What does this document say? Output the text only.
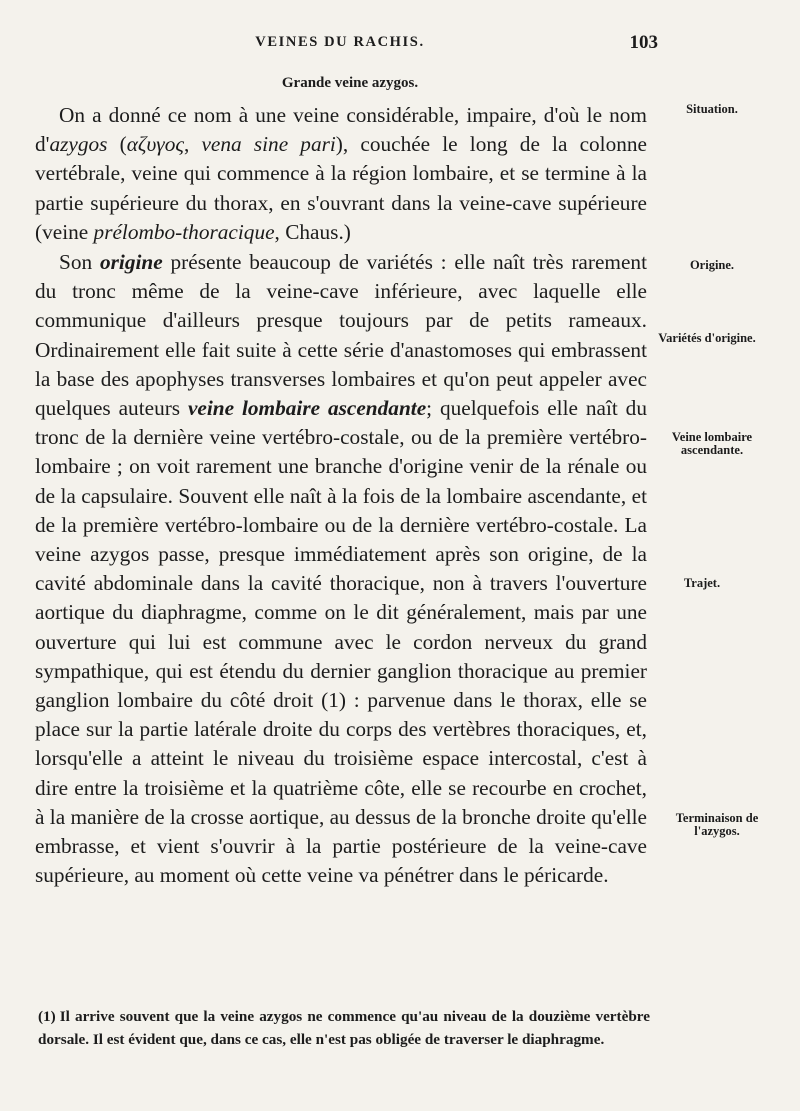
VEINES DU RACHIS.	103
Grande veine azygos.

On a donné ce nom à une veine considérable, impaire, d'où le nom d'azygos (αζυγος, vena sine pari), couchée le long de la colonne vertébrale, veine qui commence à la région lombaire, et se termine à la partie supérieure du thorax, en s'ouvrant dans la veine-cave supérieure (veine prélombo-thoracique, Chaus.)

Son origine présente beaucoup de variétés : elle naît très rarement du tronc même de la veine-cave inférieure, avec laquelle elle communique d'ailleurs presque toujours par de petits rameaux. Ordinairement elle fait suite à cette série d'anastomoses qui embrassent la base des apophyses transverses lombaires et qu'on peut appeler avec quelques auteurs veine lombaire ascendante; quelquefois elle naît du tronc de la dernière veine vertébro-costale, ou de la première vertébro-lombaire ; on voit rarement une branche d'origine venir de la rénale ou de la capsulaire. Souvent elle naît à la fois de la lombaire ascendante, et de la première vertébro-lombaire ou de la dernière vertébro-costale. La veine azygos passe, presque immédiatement après son origine, de la cavité abdominale dans la cavité thoracique, non à travers l'ouverture aortique du diaphragme, comme on le dit généralement, mais par une ouverture qui lui est commune avec le cordon nerveux du grand sympathique, qui est étendu du dernier ganglion thoracique au premier ganglion lombaire du côté droit (1) : parvenue dans le thorax, elle se place sur la partie latérale droite du corps des vertèbres thoraciques, et, lorsqu'elle a atteint le niveau du troisième espace intercostal, c'est à dire entre la troisième et la quatrième côte, elle se recourbe en crochet, à la manière de la crosse aortique, au dessus de la bronche droite qu'elle embrasse, et vient s'ouvrir à la partie postérieure de la veine-cave supérieure, au moment où cette veine va pénétrer dans le péricarde.

Situation.
Origine.
Variétés d'origine.
Veine lombaire ascendante.
Trajet.
Terminaison de l'azygos.
(1) Il arrive souvent que la veine azygos ne commence qu'au niveau de la douzième vertèbre dorsale. Il est évident que, dans ce cas, elle n'est pas obligée de traverser le diaphragme.
